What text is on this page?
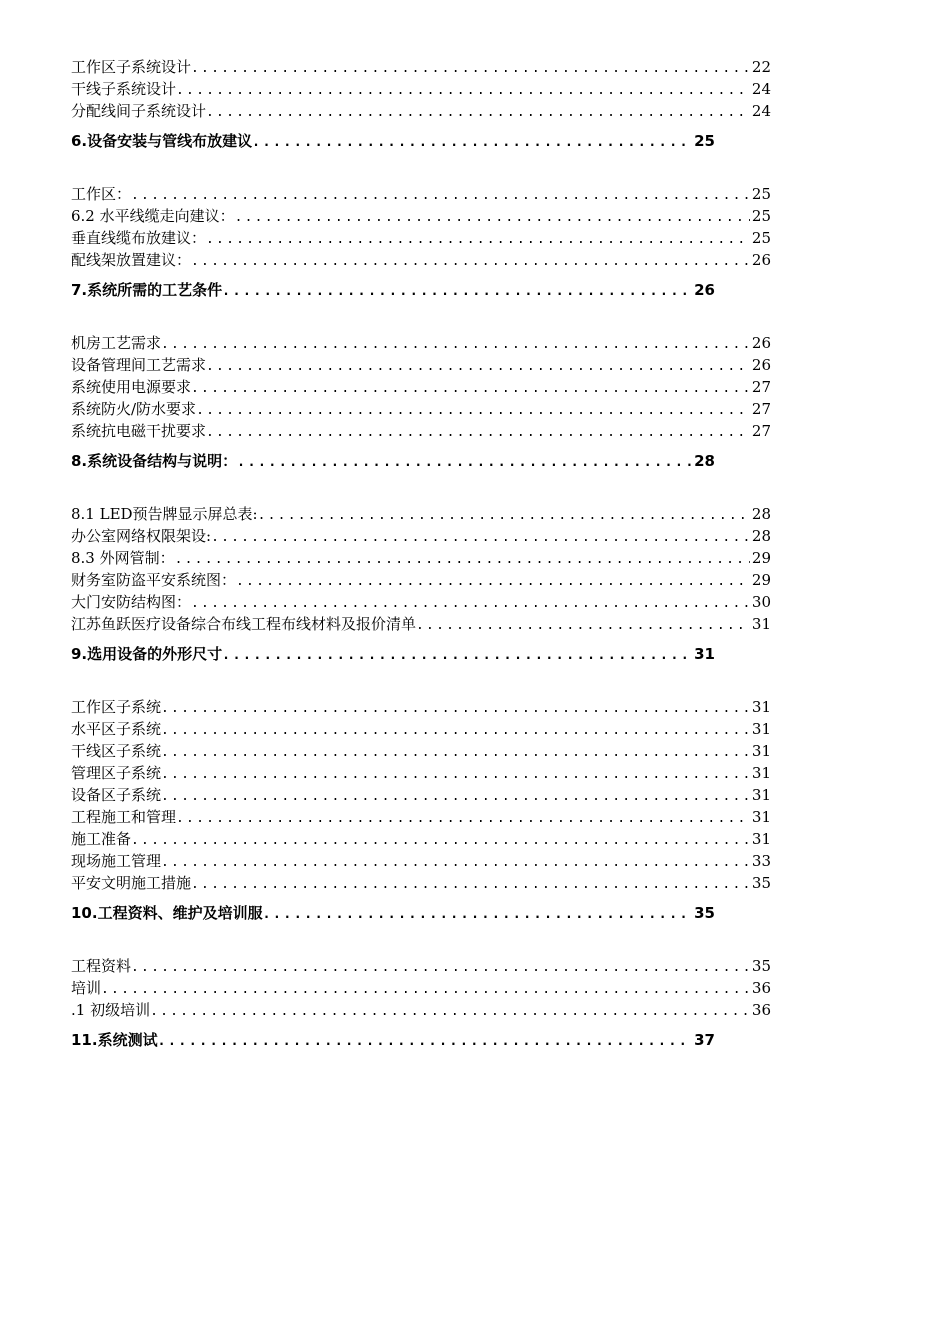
工作区子系统设计 .....	22
干线子系统设计 .....	24
分配线间子系统设计 .....	24
6.设备安装与管线布放建议 .....	25
工作区： .....	25
6.2 水平线缆走向建议： .....	25
垂直线缆布放建议： .....	25
配线架放置建议： .....	26
7.系统所需的工艺条件 .....	26
机房工艺需求 .....	26
设备管理间工艺需求 .....	26
系统使用电源要求 .....	27
系统防火/防水要求 .....	27
系统抗电磁干扰要求 .....	27
8.系统设备结构与说明： .....	28
8.1 LED预告牌显示屏总表: .....	28
办公室网络权限架设: .....	28
8.3 外网管制： .....	29
财务室防盗平安系统图： .....	29
大门安防结构图： .....	30
江苏鱼跃医疗设备综合布线工程布线材料及报价清单 .....	31
9.选用设备的外形尺寸 .....	31
工作区子系统 .....	31
水平区子系统 .....	31
干线区子系统 .....	31
管理区子系统 .....	31
设备区子系统 .....	31
工程施工和管理 .....	31
施工准备 .....	31
现场施工管理 .....	33
平安文明施工措施 .....	35
10.工程资料、维护及培训服 .....	35
工程资料 .....	35
培训 .....	36
.1 初级培训 .....	36
11.系统测试 .....	37
